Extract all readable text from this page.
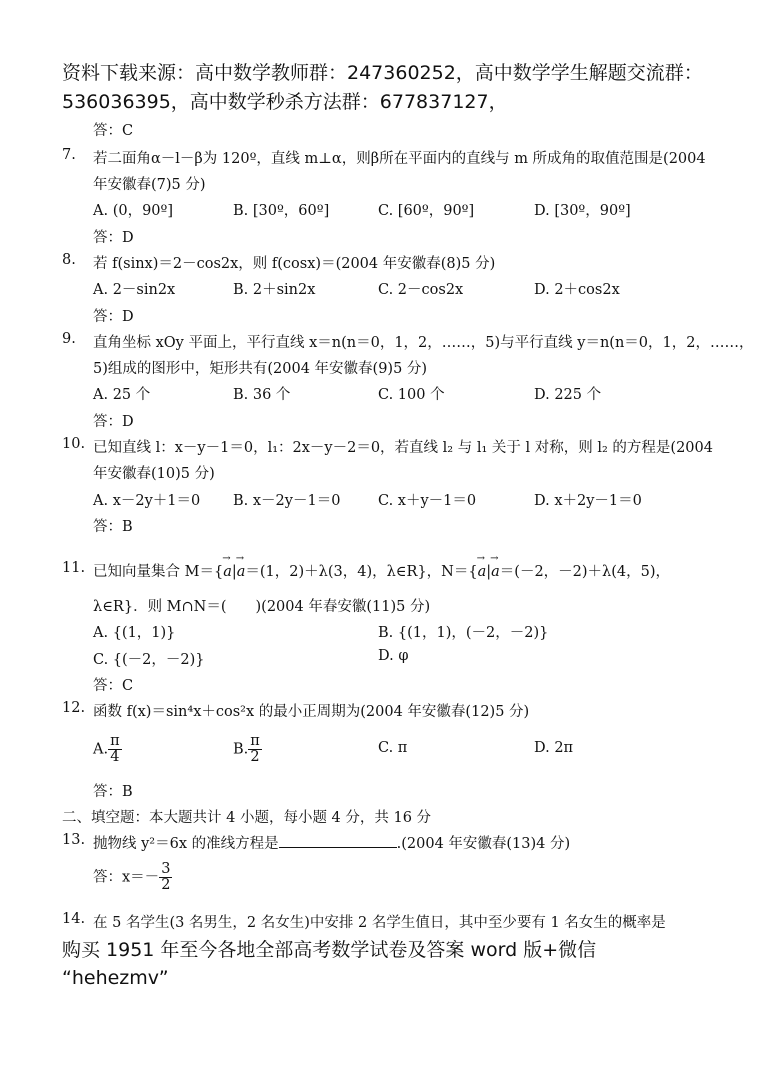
资料下载来源：高中数学教师群：247360252，高中数学学生解题交流群：
536036395，高中数学秒杀方法群：677837127，
答：C
7. 若二面角α－l－β为 120º，直线 m⊥α，则β所在平面内的直线与 m 所成角的取值范围是(2004
年安徽春(7)5 分)
A. (0，90º]	B. [30º，60º]	C. [60º，90º]	D. [30º，90º]
答：D
8. 若 f(sinx)＝2－cos2x，则 f(cosx)＝(2004 年安徽春(8)5 分)
A. 2－sin2x	B. 2＋sin2x	C. 2－cos2x	D. 2＋cos2x
答：D
9. 直角坐标 xOy 平面上，平行直线 x＝n(n＝0，1，2，……，5)与平行直线 y＝n(n＝0，1，2，……，
5)组成的图形中，矩形共有(2004 年安徽春(9)5 分)
A. 25 个	B. 36 个	C. 100 个	D. 225 个
答：D
10. 已知直线 l：x－y－1＝0，l₁：2x－y－2＝0，若直线 l₂ 与 l₁ 关于 l 对称，则 l₂ 的方程是(2004
年安徽春(10)5 分)
A. x－2y＋1＝0 B. x－2y－1＝0	C. x＋y－1＝0	D. x＋2y－1＝0
答：B
11. 已知向量集合 M＝{→ a|→ a＝(1，2)＋λ(3，4)，λ∈R}，N＝{→ a|→ a＝(－2，－2)＋λ(4，5)，
λ∈R}．则 M∩N＝(　　)(2004 年春安徽(11)5 分)
A. {(1，1)}	B. {(1，1)，(－2，－2)}
C. {(－2，－2)}	D. φ
答：C
12. 函数 f(x)＝sin⁴x＋cos²x 的最小正周期为(2004 年安徽春(12)5 分)
A. $\frac{\pi}{4}$	B. $\frac{\pi}{2}$	C. π	D. 2π
答：B
二、填空题：本大题共计 4 小题，每小题 4 分，共 16 分
13. 抛物线 y²＝6x 的准线方程是	.(2004 年安徽春(13)4 分)
答：$x=- \frac{3}{2}$
14. 在 5 名学生(3 名男生，2 名女生)中安排 2 名学生值日，其中至少要有 1 名女生的概率是
购买 1951 年至今各地全部高考数学试卷及答案 word 版+微信
“hehezmv”
